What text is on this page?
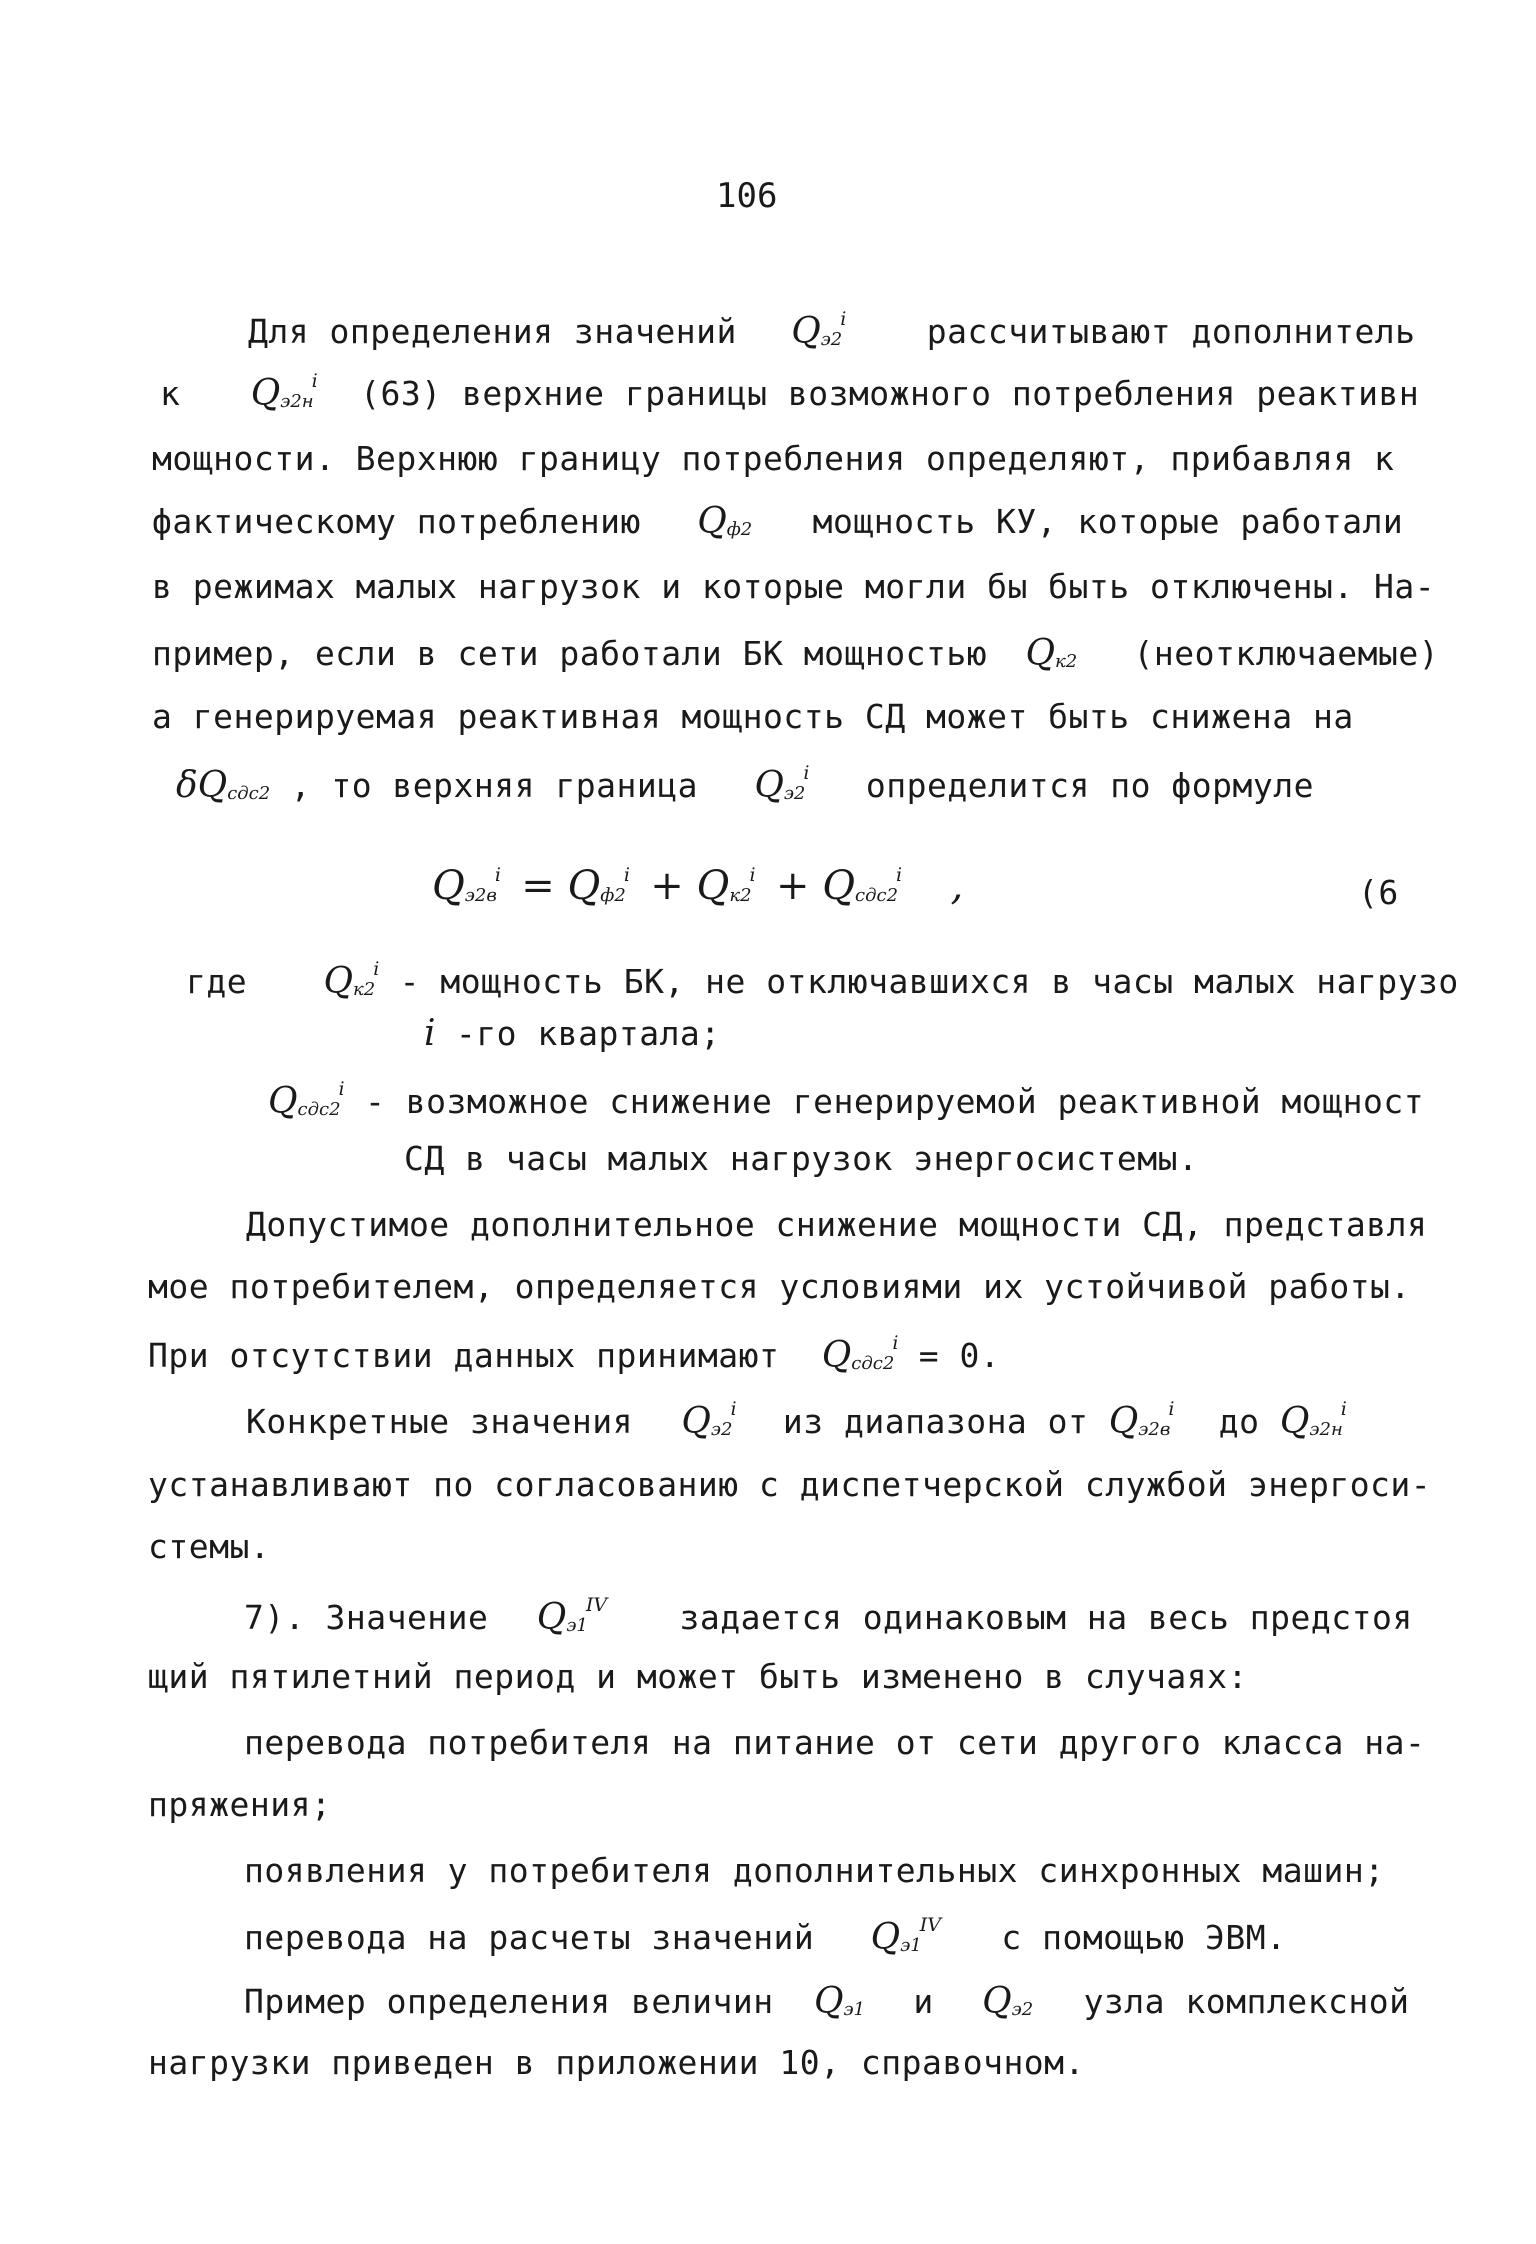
106
Для определения значений $Q_{э2}^i$ рассчитывают дополнитель
к $Q_{э2н}^i$ (63) верхние границы возможного потребления реактивн
мощности. Верхнюю границу потребления определяют, прибавляя к
фактическому потреблению $Q_{ф2}$ мощность КУ, которые работали
в режимах малых нагрузок и которые могли бы быть отключены. На-
пример, если в сети работали БК мощностью $Q_{к2}$ (неотключаемые)
а генерируемая реактивная мощность СД может быть снижена на
$\delta Q_{сдс2}$ , то верхняя граница $Q_{э2}^i$ определится по формуле
$Q_{э2в}^i = Q_{ф2}^i + Q_{к2}^i + Q_{сдс2}^i$ ,	(6
где $Q_{к2}^i$ - мощность БК, не отключавшихся в часы малых нагрузо
i -го квартала;
$Q_{сдс2}^i$ - возможное снижение генерируемой реактивной мощност
СД в часы малых нагрузок энергосистемы.
Допустимое дополнительное снижение мощности СД, представля
мое потребителем, определяется условиями их устойчивой работы.
При отсутствии данных принимают $Q_{сдс2}^i = 0$.
Конкретные значения $Q_{э2}^i$ из диапазона от $Q_{э2в}^i$ до $Q_{э2н}^i$
устанавливают по согласованию с диспетчерской службой энергоси-
стемы.
7). Значение $Q_{э1}^{IV}$ задается одинаковым на весь предстоя
щий пятилетний период и может быть изменено в случаях:
перевода потребителя на питание от сети другого класса на-
пряжения;
появления у потребителя дополнительных синхронных машин;
перевода на расчеты значений $Q_{э1}^{IV}$ с помощью ЭВМ.
Пример определения величин $Q_{э1}$ и $Q_{э2}$ узла комплексной
нагрузки приведен в приложении 10, справочном.
